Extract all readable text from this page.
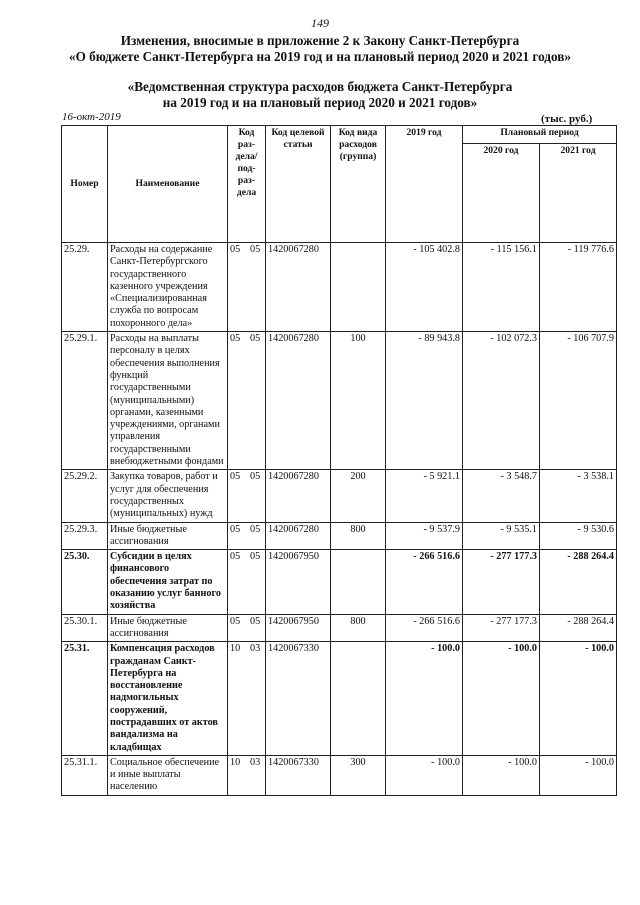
149
Изменения, вносимые в приложение 2 к Закону Санкт-Петербурга
«О бюджете Санкт-Петербурга на 2019 год и на плановый период 2020 и 2021 годов»
«Ведомственная структура расходов бюджета Санкт-Петербурга
на 2019 год и на плановый период 2020 и 2021 годов»
16-окт-2019	(тыс. руб.)
Номер	Наименование	Код раз-дела/ под-раз-дела	Код целевой статьи	Код вида расходов (группа)	2019 год	Плановый период	
						2020 год	2021 год
25.29.	Расходы на содержание Санкт-Петербургского государственного казенного учреждения «Специализированная служба по вопросам похоронного дела»	05 05	1420067280		- 105 402.8	- 115 156.1	- 119 776.6
25.29.1.	Расходы на выплаты персоналу в целях обеспечения выполнения функций государственными (муниципальными) органами, казенными учреждениями, органами управления государственными внебюджетными фондами	05 05	1420067280	100	- 89 943.8	- 102 072.3	- 106 707.9
25.29.2.	Закупка товаров, работ и услуг для обеспечения государственных (муниципальных) нужд	05 05	1420067280	200	- 5 921.1	- 3 548.7	- 3 538.1
25.29.3.	Иные бюджетные ассигнования	05 05	1420067280	800	- 9 537.9	- 9 535.1	- 9 530.6
25.30.	Субсидии в целях финансового обеспечения затрат по оказанию услуг банного хозяйства	05 05	1420067950		- 266 516.6	- 277 177.3	- 288 264.4
25.30.1.	Иные бюджетные ассигнования	05 05	1420067950	800	- 266 516.6	- 277 177.3	- 288 264.4
25.31.	Компенсация расходов гражданам Санкт-Петербурга на восстановление надмогильных сооружений, пострадавших от актов вандализма на кладбищах	10 03	1420067330		- 100.0	- 100.0	- 100.0
25.31.1.	Социальное обеспечение и иные выплаты населению	10 03	1420067330	300	- 100.0	- 100.0	- 100.0
